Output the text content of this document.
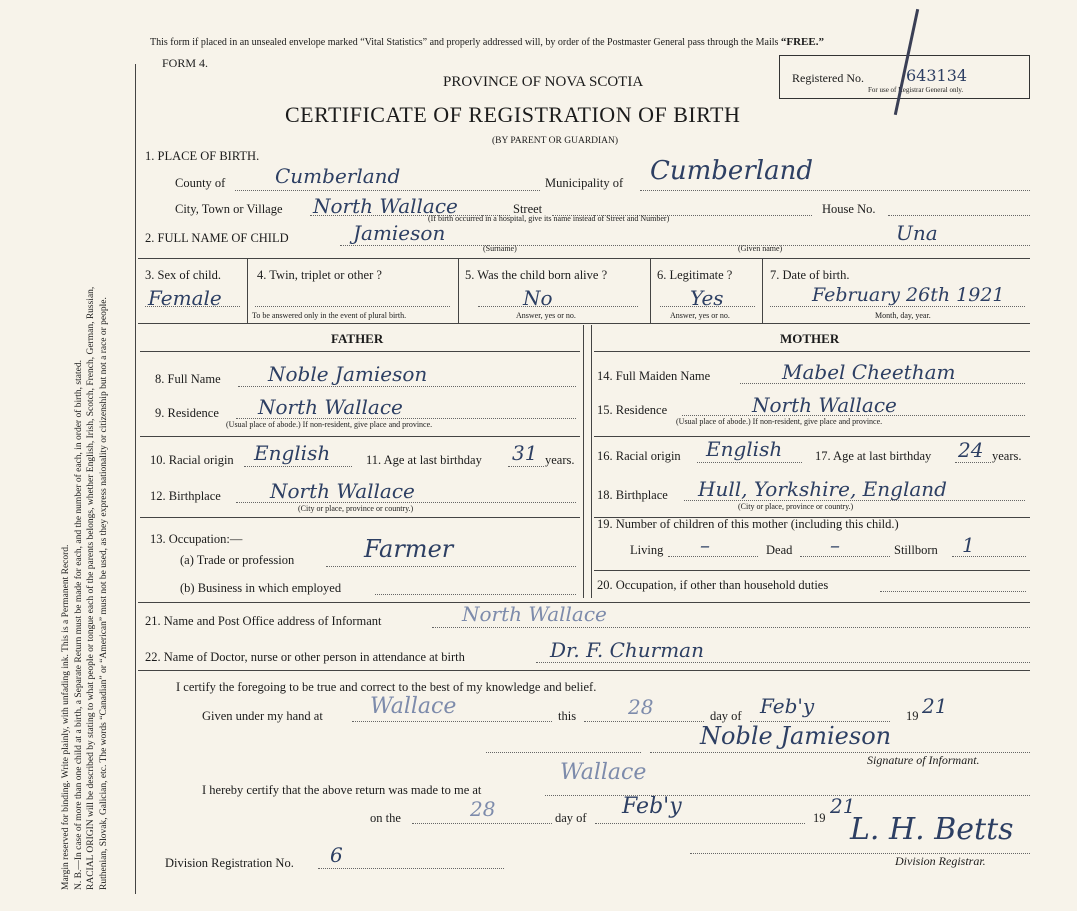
Margin reserved for binding. Write plainly, with unfading ink. This is a Permanent Record. N. B.—In case of more than one child at a birth, a Separate Return must be made for each, and the number of each, in order of birth, stated. RACIAL ORIGIN will be described by stating to what people or tongue each of the parents belongs, whether English, Irish, Scotch, French, German, Russian, Ruthenian, Slovak, Galician, etc. The words “Canadian” or “American” must not be used, as they express nationality or citizenship but not a race or people.
This form if placed in an unsealed envelope marked “Vital Statistics” and properly addressed will, by order of the Postmaster General pass through the Mails “FREE.”
FORM 4.
PROVINCE OF NOVA SCOTIA
CERTIFICATE OF REGISTRATION OF BIRTH
(BY PARENT OR GUARDIAN)
Registered No.	643134
For use of Registrar General only.
1. PLACE OF BIRTH.
County of Cumberland	Municipality of Cumberland
City, Town or Village North Wallace	Street	House No.
(If birth occurred in a hospital, give its name instead of Street and Number)
2. FULL NAME OF CHILD	Jamieson	Una
(Surname)	(Given name)
3. Sex of child.
Female
4. Twin, triplet or other ?
To be answered only in the event of plural birth.
5. Was the child born alive ?
No
Answer, yes or no.
6. Legitimate ?
Yes
Answer, yes or no.
7. Date of birth.
February 26th 1921
Month, day, year.
FATHER	MOTHER
8. Full Name Noble Jamieson
9. Residence North Wallace
(Usual place of abode.) If non-resident, give place and province.
10. Racial origin English	11. Age at last birthday 31 years.
12. Birthplace North Wallace
(City or place, province or country.)
13. Occupation:—
(a) Trade or profession	Farmer
(b) Business in which employed
14. Full Maiden Name	Mabel Cheetham
15. Residence	North Wallace
(Usual place of abode.) If non-resident, give place and province.
16. Racial origin English	17. Age at last birthday 24 years.
18. Birthplace Hull, Yorkshire, England
(City or place, province or country.)
19. Number of children of this mother (including this child.)
Living –	Dead –	Stillborn 1
20. Occupation, if other than household duties
21. Name and Post Office address of Informant	North Wallace
22. Name of Doctor, nurse or other person in attendance at birth	Dr. F. Churman
I certify the foregoing to be true and correct to the best of my knowledge and belief.
Given under my hand at Wallace	this	28	day of Feb'y	19 21
Noble Jamieson
Signature of Informant.
I hereby certify that the above return was made to me at
Wallace
on the	28	day of Feb'y	19 21
Division Registration No. 6
L. H. Betts
Division Registrar.
